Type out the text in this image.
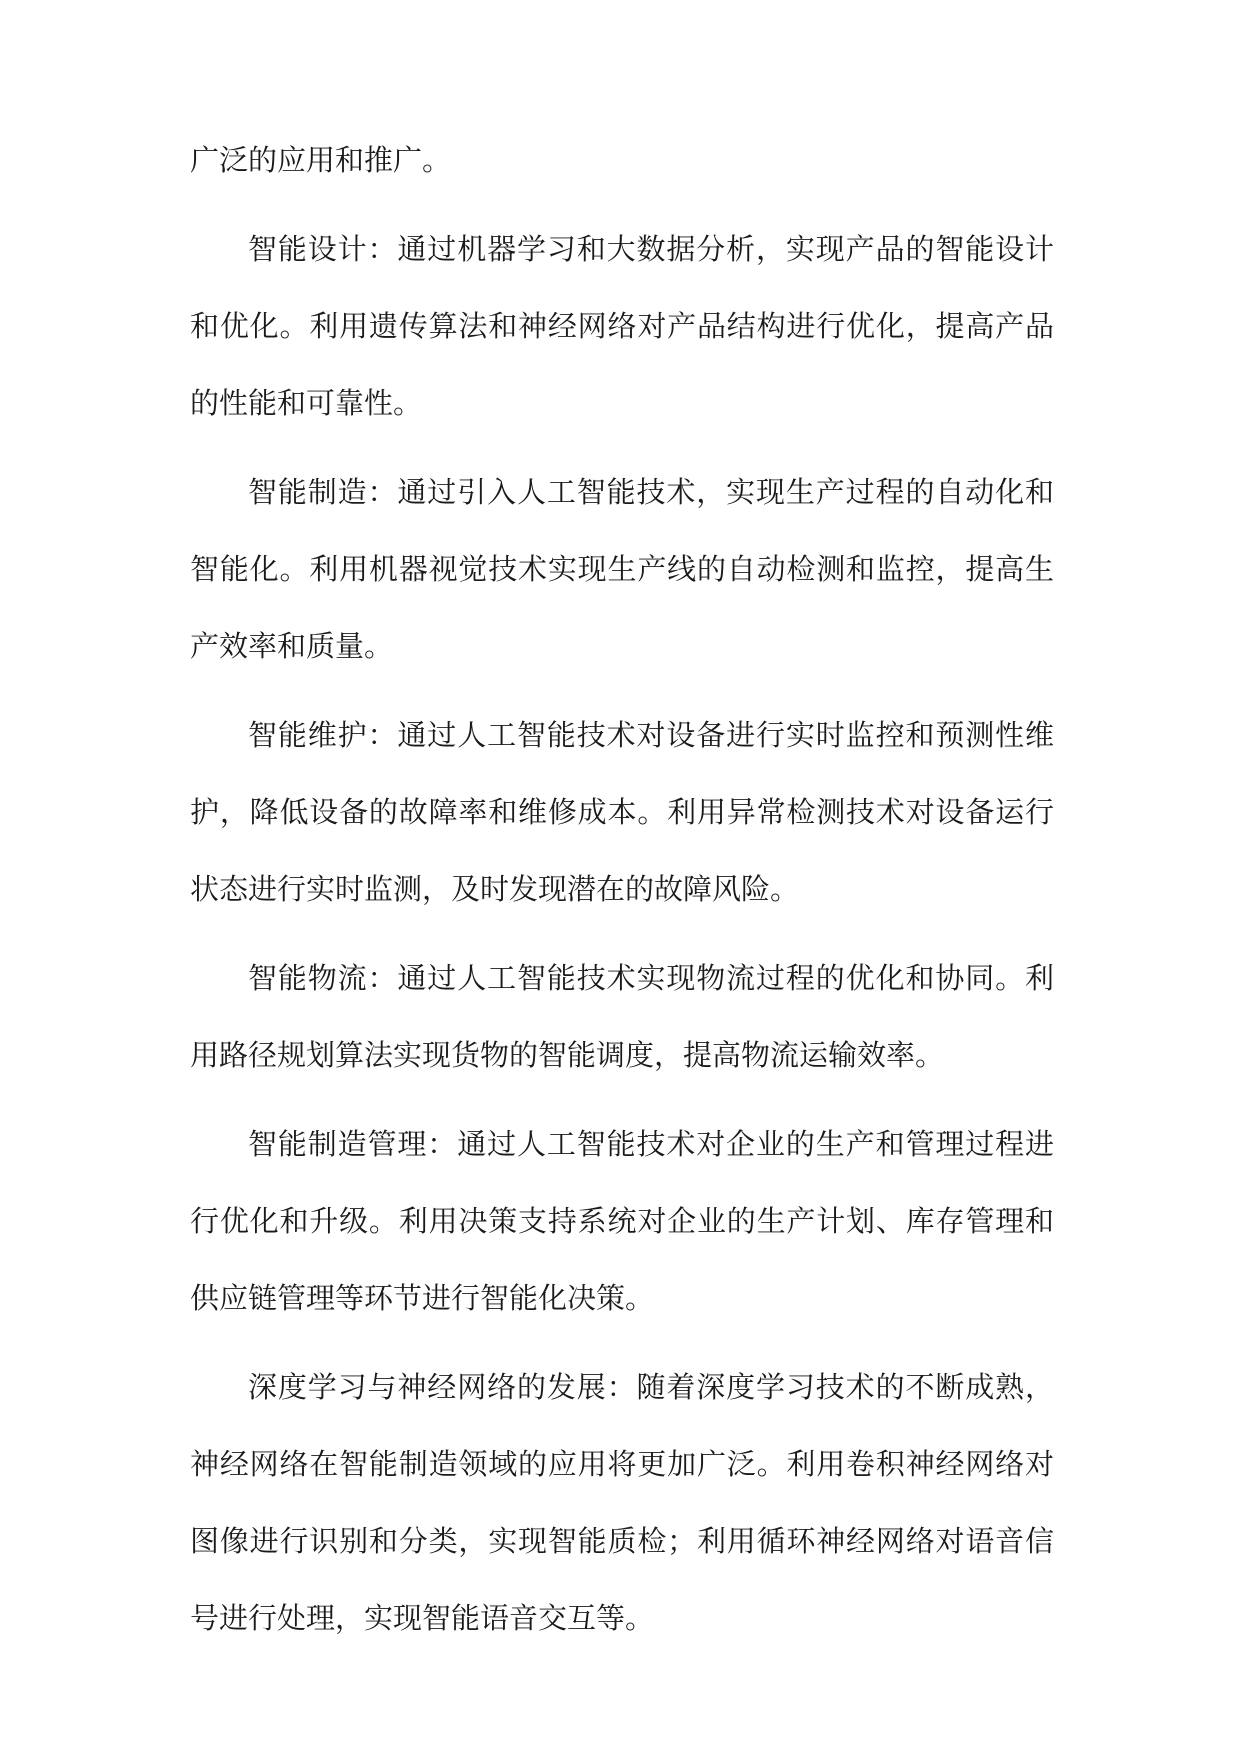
广泛的应用和推广。

智能设计：通过机器学习和大数据分析，实现产品的智能设计和优化。利用遗传算法和神经网络对产品结构进行优化，提高产品的性能和可靠性。

智能制造：通过引入人工智能技术，实现生产过程的自动化和智能化。利用机器视觉技术实现生产线的自动检测和监控，提高生产效率和质量。

智能维护：通过人工智能技术对设备进行实时监控和预测性维护，降低设备的故障率和维修成本。利用异常检测技术对设备运行状态进行实时监测，及时发现潜在的故障风险。

智能物流：通过人工智能技术实现物流过程的优化和协同。利用路径规划算法实现货物的智能调度，提高物流运输效率。

智能制造管理：通过人工智能技术对企业的生产和管理过程进行优化和升级。利用决策支持系统对企业的生产计划、库存管理和供应链管理等环节进行智能化决策。

深度学习与神经网络的发展：随着深度学习技术的不断成熟，神经网络在智能制造领域的应用将更加广泛。利用卷积神经网络对图像进行识别和分类，实现智能质检；利用循环神经网络对语音信号进行处理，实现智能语音交互等。
